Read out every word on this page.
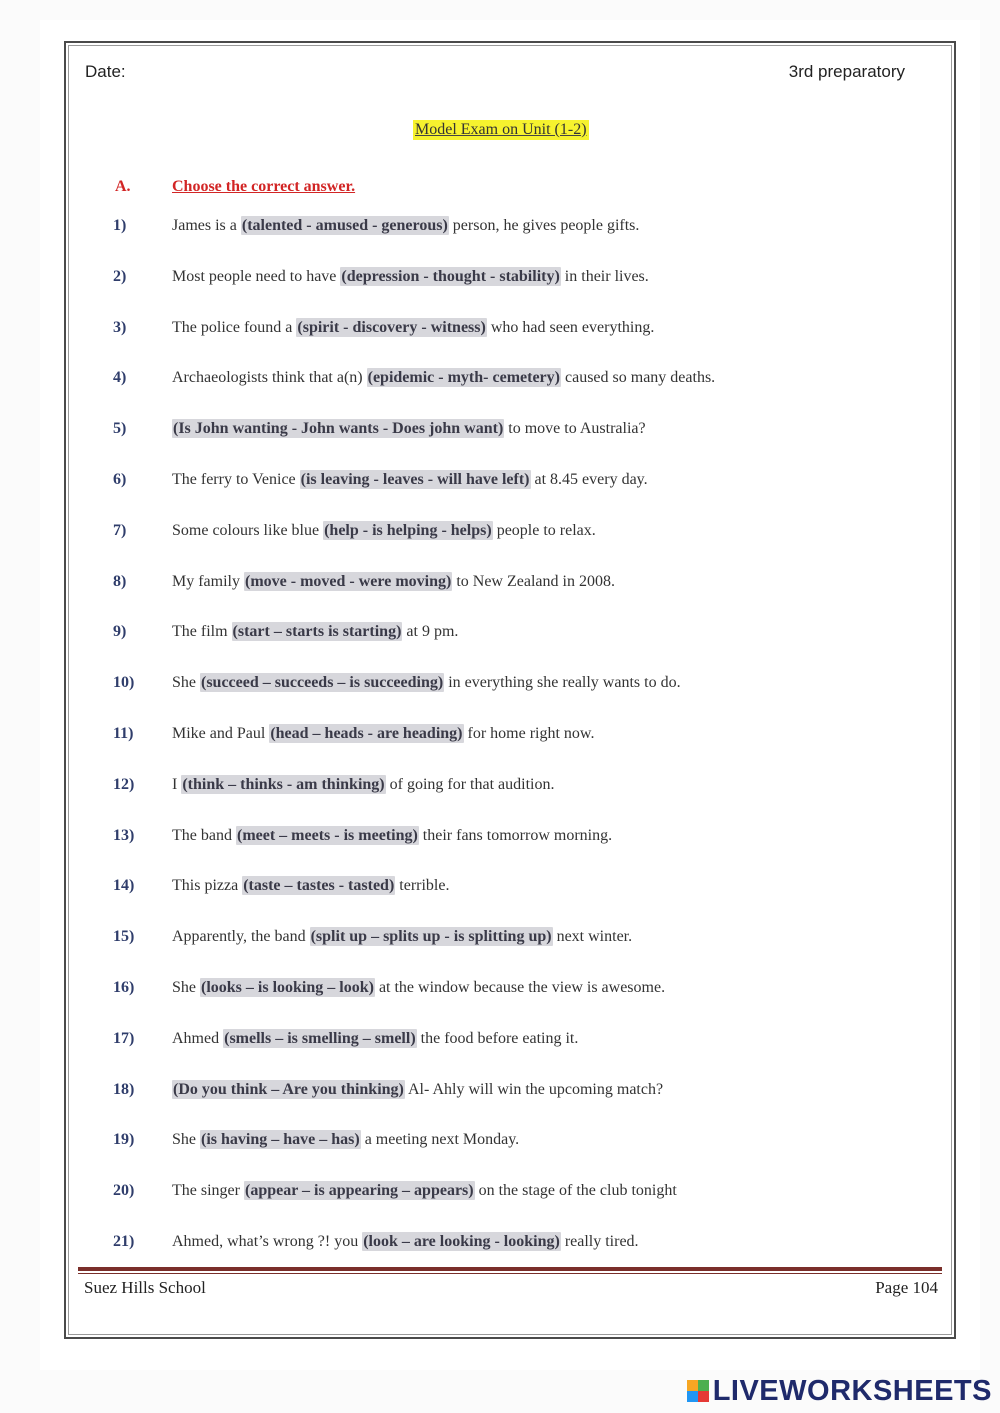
Date:	3rd preparatory
Model Exam on Unit (1-2)
A.	Choose the correct answer.
1)	James is a (talented - amused - generous) person, he gives people gifts.
2)	Most people need to have (depression - thought - stability) in their lives.
3)	The police found a (spirit - discovery - witness) who had seen everything.
4)	Archaeologists think that a(n) (epidemic - myth- cemetery) caused so many deaths.
5)	(Is John wanting - John wants - Does john want) to move to Australia?
6)	The ferry to Venice (is leaving - leaves - will have left) at 8.45 every day.
7)	Some colours like blue (help - is helping - helps) people to relax.
8)	My family (move - moved - were moving) to New Zealand in 2008.
9)	The film (start – starts is starting) at 9 pm.
10) She (succeed – succeeds – is succeeding) in everything she really wants to do.
11) Mike and Paul (head – heads - are heading) for home right now.
12) I (think – thinks - am thinking) of going for that audition.
13) The band (meet – meets - is meeting) their fans tomorrow morning.
14) This pizza (taste – tastes - tasted) terrible.
15) Apparently, the band (split up – splits up - is splitting up) next winter.
16) She (looks – is looking – look) at the window because the view is awesome.
17) Ahmed (smells – is smelling – smell) the food before eating it.
18) (Do you think – Are you thinking) Al- Ahly will win the upcoming match?
19) She (is having – have – has) a meeting next Monday.
20) The singer (appear – is appearing – appears) on the stage of the club tonight
21) Ahmed, what’s wrong ?! you (look – are looking - looking) really tired.
Suez Hills School	Page 104
LIVEWORKSHEETS
